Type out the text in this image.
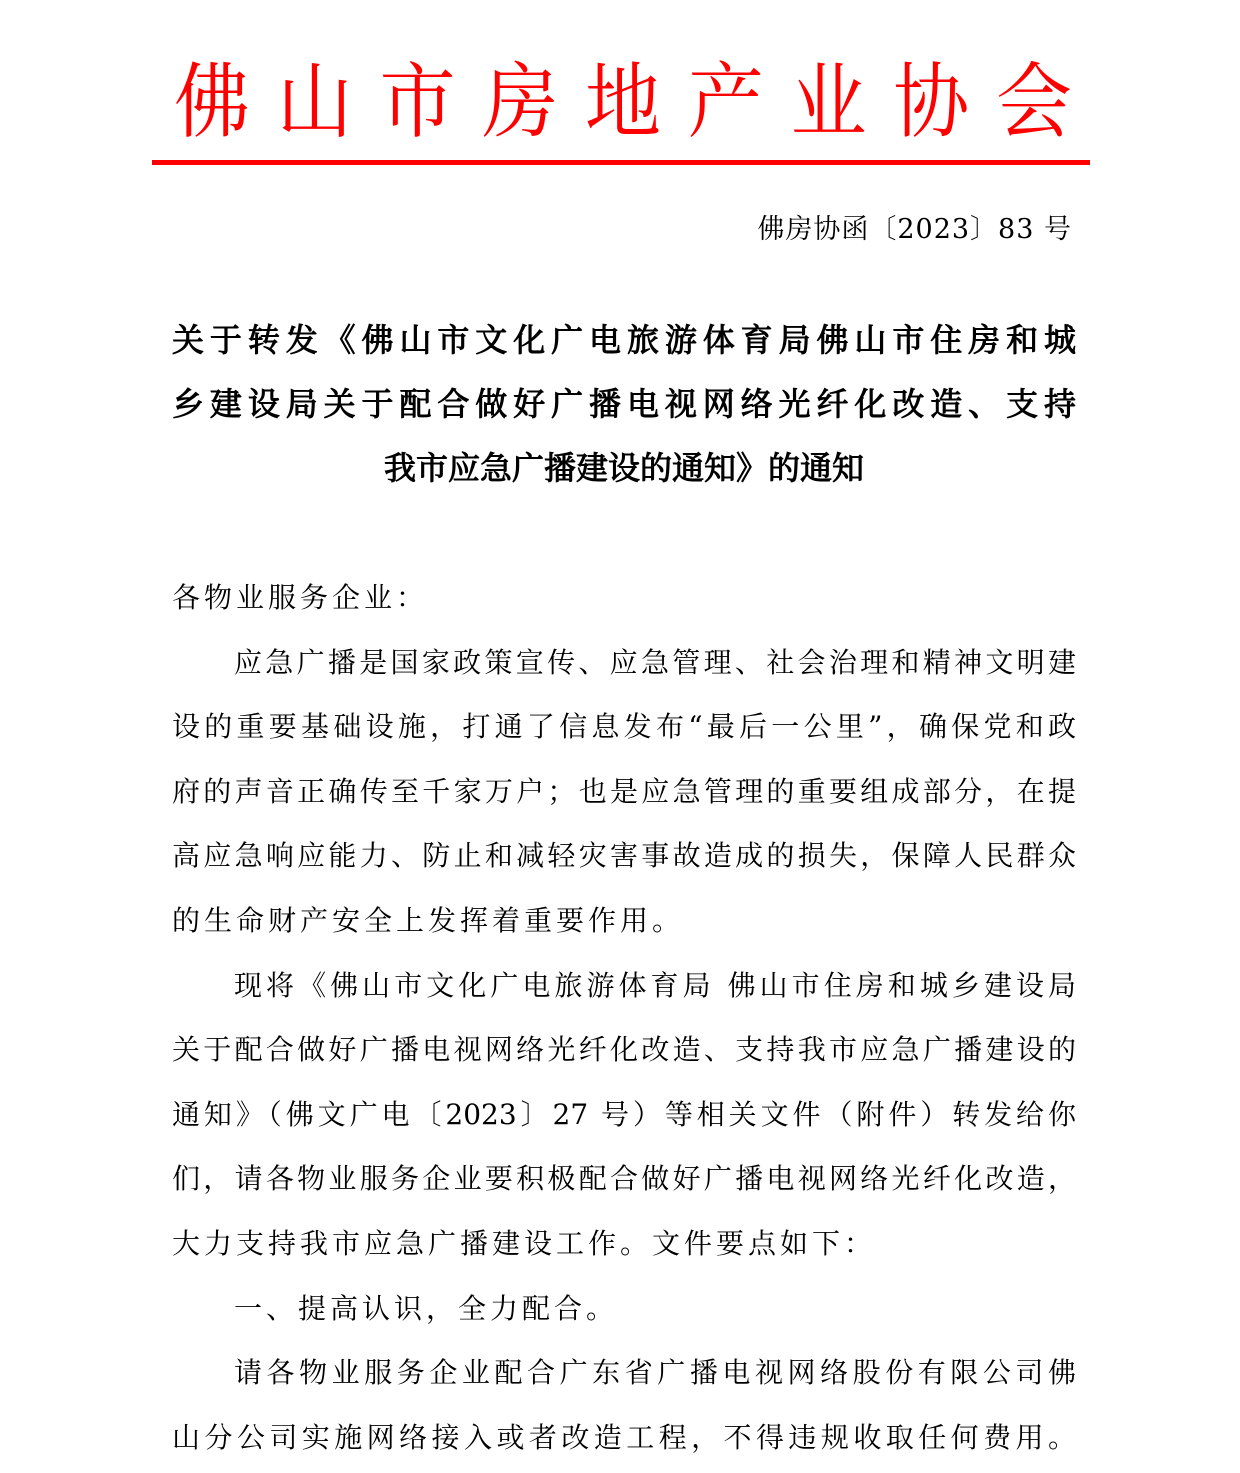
佛 山 市 房 地 产 业 协 会
佛房协函〔2023〕83 号
关于转发《佛山市文化广电旅游体育局佛山市住房和城
乡建设局关于配合做好广播电视网络光纤化改造、支持
我市应急广播建设的通知》的通知
各物业服务企业：
应急广播是国家政策宣传、应急管理、社会治理和精神文明建
设的重要基础设施，打通了信息发布“最后一公里”，确保党和政
府的声音正确传至千家万户；也是应急管理的重要组成部分，在提
高应急响应能力、防止和减轻灾害事故造成的损失，保障人民群众
的生命财产安全上发挥着重要作用。
现将《佛山市文化广电旅游体育局 佛山市住房和城乡建设局
关于配合做好广播电视网络光纤化改造、支持我市应急广播建设的
通知》（佛文广电〔2023〕27 号）等相关文件（附件）转发给你
们，请各物业服务企业要积极配合做好广播电视网络光纤化改造，
大力支持我市应急广播建设工作。文件要点如下：
一、提高认识，全力配合。
请各物业服务企业配合广东省广播电视网络股份有限公司佛
山分公司实施网络接入或者改造工程，不得违规收取任何费用。
